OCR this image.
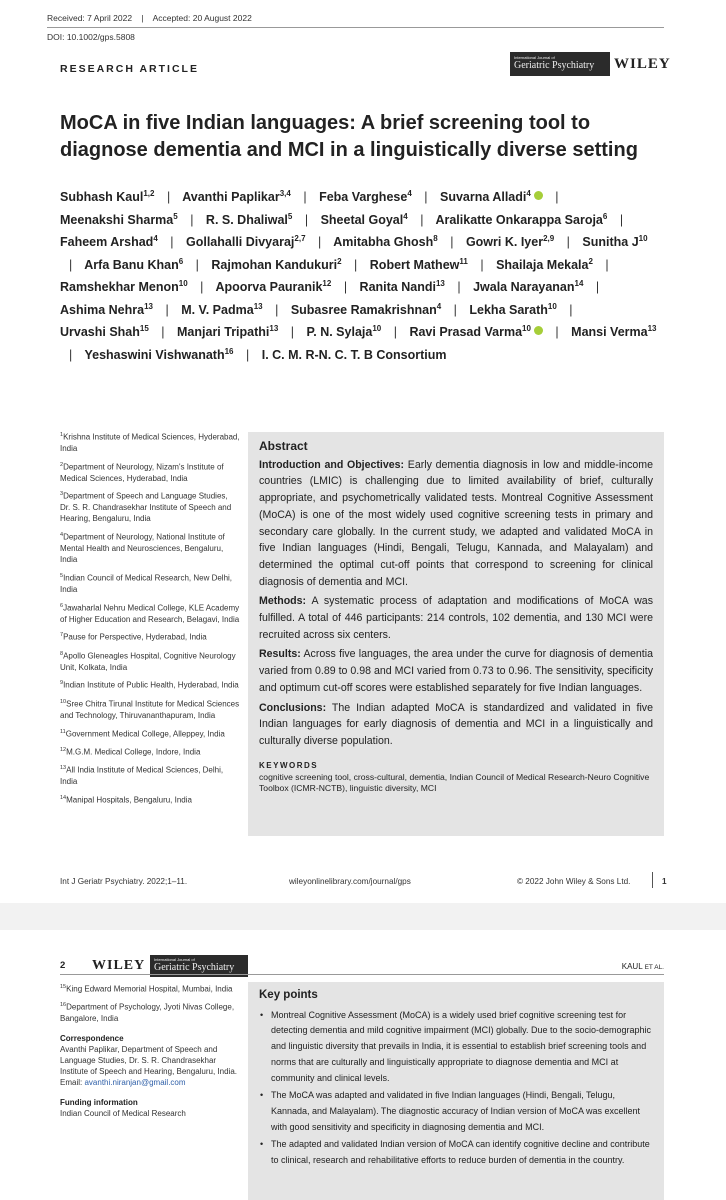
Received: 7 April 2022 | Accepted: 20 August 2022
DOI: 10.1002/gps.5808
RESEARCH ARTICLE
International Journal of
Geriatric Psychiatry	WILEY
MoCA in five Indian languages: A brief screening tool to diagnose dementia and MCI in a linguistically diverse setting
Subhash Kaul$^{1,2}$ | Avanthi Paplikar$^{3,4}$ | Feba Varghese$^4$ | Suvarna Alladi$^4$ | Meenakshi Sharma$^5$ | R. S. Dhaliwal$^5$ | Sheetal Goyal$^4$ | Aralikatte Onkarappa Saroja$^6$ | Faheem Arshad$^4$ | Gollahalli Divyaraj$^{2,7}$ | Amitabha Ghosh$^8$ | Gowri K. Iyer$^{2,9}$ | Sunitha $J^{10}$ | Arfa Banu Khan$^6$ | Rajmohan Kandukuri$^2$ | Robert Mathew$^{11}$ | Shailaja Mekala$^2$ | Ramshekhar Menon$^{10}$ | Apoorva Pauranik$^{12}$ | Ranita Nandi$^{13}$ | Jwala Narayanan$^{14}$ | Ashima Nehra$^{13}$ | M. V. Padma$^{13}$ | Subasree Ramakrishnan$^4$ | Lekha Sarath$^{10}$ | Urvashi Shah$^{15}$ | Manjari Tripathi$^{13}$ | P. N. Sylaja$^{10}$ | Ravi Prasad Varma$^{10}$ | Mansi Verma$^{13}$ | Yeshaswini Vishwanath$^{16}$ | I. C. M. R-N. C. T. B Consortium
$^1$Krishna Institute of Medical Sciences, Hyderabad, India
$^2$Department of Neurology, Nizam's Institute of Medical Sciences, Hyderabad, India
$^3$Department of Speech and Language Studies, Dr. S. R. Chandrasekhar Institute of Speech and Hearing, Bengaluru, India
$^4$Department of Neurology, National Institute of Mental Health and Neurosciences, Bengaluru, India
$^5$Indian Council of Medical Research, New Delhi, India
$^6$Jawaharlal Nehru Medical College, KLE Academy of Higher Education and Research, Belagavi, India
$^7$Pause for Perspective, Hyderabad, India
$^8$Apollo Gleneagles Hospital, Cognitive Neurology Unit, Kolkata, India
$^9$Indian Institute of Public Health, Hyderabad, India
$^{10}$Sree Chitra Tirunal Institute for Medical Sciences and Technology, Thiruvananthapuram, India
$^{11}$Government Medical College, Alleppey, India
$^{12}$M.G.M. Medical College, Indore, India
$^{13}$All India Institute of Medical Sciences, Delhi, India
$^{14}$Manipal Hospitals, Bengaluru, India
Abstract

Introduction and Objectives: Early dementia diagnosis in low and middle-income countries (LMIC) is challenging due to limited availability of brief, culturally appropriate, and psychometrically validated tests. Montreal Cognitive Assessment (MoCA) is one of the most widely used cognitive screening tests in primary and secondary care globally. In the current study, we adapted and validated MoCA in five Indian languages (Hindi, Bengali, Telugu, Kannada, and Malayalam) and determined the optimal cut-off points that correspond to screening for clinical diagnosis of dementia and MCI.

Methods: A systematic process of adaptation and modifications of MoCA was fulfilled. A total of 446 participants: 214 controls, 102 dementia, and 130 MCI were recruited across six centers.

Results: Across five languages, the area under the curve for diagnosis of dementia varied from 0.89 to 0.98 and MCI varied from 0.73 to 0.96. The sensitivity, specificity and optimum cut-off scores were established separately for five Indian languages.

Conclusions: The Indian adapted MoCA is standardized and validated in five Indian languages for early diagnosis of dementia and MCI in a linguistically and culturally diverse population.

KEYWORDS
cognitive screening tool, cross-cultural, dementia, Indian Council of Medical Research-Neuro Cognitive Toolbox (ICMR-NCTB), linguistic diversity, MCI
Int J Geriatr Psychiatry. 2022;1–11.	wileyonlinelibrary.com/journal/gps	© 2022 John Wiley & Sons Ltd.	1
2 WILEY International Journal of
Geriatric Psychiatry	KAUL ET AL.
$^{15}$King Edward Memorial Hospital, Mumbai, India
$^{16}$Department of Psychology, Jyoti Nivas College, Bangalore, India
Correspondence
Avanthi Paplikar, Department of Speech and Language Studies, Dr. S. R. Chandrasekhar Institute of Speech and Hearing, Bengaluru, India.
Email: avanthi.niranjan@gmail.com
Funding information
Indian Council of Medical Research
Key points
• Montreal Cognitive Assessment (MoCA) is a widely used brief cognitive screening test for detecting dementia and mild cognitive impairment (MCI) globally. Due to the socio-demographic and linguistic diversity that prevails in India, it is essential to establish brief screening tools and norms that are culturally and linguistically appropriate to diagnose dementia and MCI at community and clinical levels.
• The MoCA was adapted and validated in five Indian languages (Hindi, Bengali, Telugu, Kannada, and Malayalam). The diagnostic accuracy of Indian version of MoCA was excellent with good sensitivity and specificity in diagnosing dementia and MCI.
• The adapted and validated Indian version of MoCA can identify cognitive decline and contribute to clinical, research and rehabilitative efforts to reduce burden of dementia in the country.
